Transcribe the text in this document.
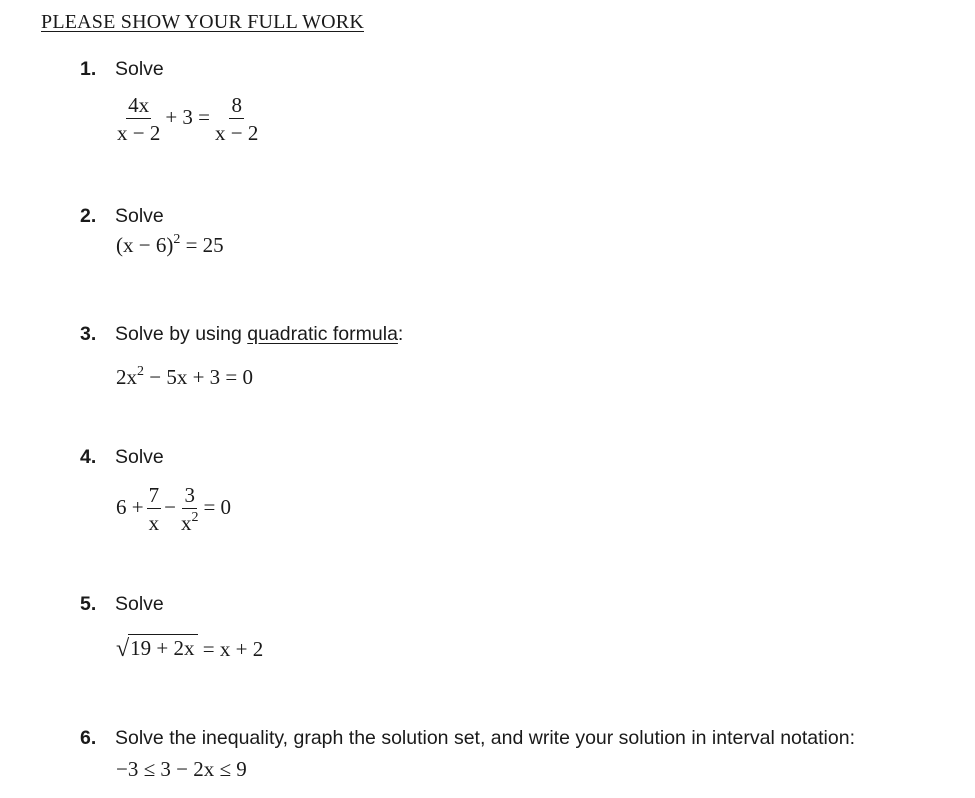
PLEASE SHOW YOUR FULL WORK
1. Solve
$\frac{4x}{x - 2} + 3 = \frac{8}{x - 2}$
2. Solve
$(x - 6)^2 = 25$
3. Solve by using quadratic formula:
$2x^2 - 5x + 3 = 0$
4. Solve
$6 + \frac{7}{x} - \frac{3}{x^2} = 0$
5. Solve
√ 19 + 2x = x + 2
6. Solve the inequality, graph the solution set, and write your solution in interval notation:
−3 ≤ 3 − 2x ≤ 9
